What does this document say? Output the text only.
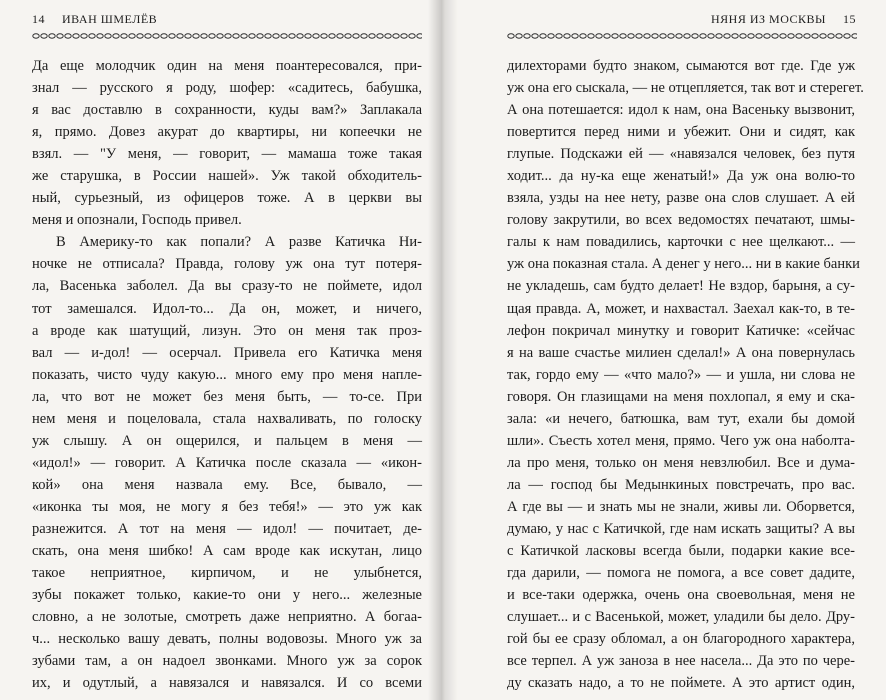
14 ИВАН ШМЕЛЁВ
Да еще молодчик один на меня поантересовался, при-
знал — русского я роду, шофер: «садитесь, бабушка,
я вас доставлю в сохранности, куды вам?» Заплакала
я, прямо. Довез акурат до квартиры, ни копеечки не
взял. — "У меня, — говорит, — мамаша тоже такая
же старушка, в России нашей». Уж такой обходитель-
ный, сурьезный, из офицеров тоже. А в церкви вы
меня и опознали, Господь привел.
В Америку-то как попали? А разве Катичка Ни-
ночке не отписала? Правда, голову уж она тут потеря-
ла, Васенька заболел. Да вы сразу-то не поймете, идол
тот замешался. Идол-то... Да он, может, и ничего,
а вроде как шатущий, лизун. Это он меня так проз-
вал — и-дол! — осерчал. Привела его Катичка меня
показать, чисто чуду какую... много ему про меня напле-
ла, что вот не может без меня быть, — то-се. При
нем меня и поцеловала, стала нахваливать, по голоску
уж слышу. А он ощерился, и пальцем в меня —
«идол!» — говорит. А Катичка после сказала — «икон-
кой» она меня назвала ему. Все, бывало, —
«иконка ты моя, не могу я без тебя!» — это уж как
разнежится. А тот на меня — идол! — почитает, де-
скать, она меня шибко! А сам вроде как искутан, лицо
такое неприятное, кирпичом, и не улыбнется,
зубы покажет только, какие-то они у него... железные
словно, а не золотые, смотреть даже неприятно. А богаа-
ч... несколько вашу девать, полны водовозы. Много уж за
зубами там, а он надоел звонками. Много уж за сорок
их, и одутлый, а навязался и навязался. И со всеми
НЯНЯ ИЗ МОСКВЫ 15
дилехторами будто знаком, сымаются вот где. Где уж
уж она его сыскала, — не отцепляется, так вот и стерегет.
А она потешается: идол к нам, она Васеньку вызвонит,
повертится перед ними и убежит. Они и сидят, как
глупые. Подскажи ей — «навязался человек, без путя
ходит... да ну-ка еще женатый!» Да уж она волю-то
взяла, узды на нее нету, разве она слов слушает. А ей
голову закрутили, во всех ведомостях печатают, шмы-
галы к нам повадились, карточки с нее щелкают... —
уж она показная стала. А денег у него... ни в какие банки
не укладешь, сам будто делает! Не вздор, барыня, а су-
щая правда. А, может, и нахвастал. Заехал как-то, в те-
лефон покричал минутку и говорит Катичке: «сейчас
я на ваше счастье милиен сделал!» А она повернулась
так, гордо ему — «что мало?» — и ушла, ни слова не
говоря. Он глазищами на меня похлопал, я ему и ска-
зала: «и нечего, батюшка, вам тут, ехали бы домой
шли». Съесть хотел меня, прямо. Чего уж она наболта-
ла про меня, только он меня невзлюбил. Все и дума-
ла — господ бы Медынкиных повстречать, про вас.
А где вы — и знать мы не знали, живы ли. Оборвется,
думаю, у нас с Катичкой, где нам искать защиты? А вы
с Катичкой ласковы всегда были, подарки какие все-
гда дарили, — помога не помога, а все совет дадите,
и все-таки одержка, очень она своевольная, меня не
слушает... и с Васенькой, может, уладили бы дело. Дру-
гой бы ее сразу обломал, а он благородного характера,
все терпел. А уж заноза в нее насела... Да это по чере-
ду сказать надо, а то не поймете. А это артист один,
